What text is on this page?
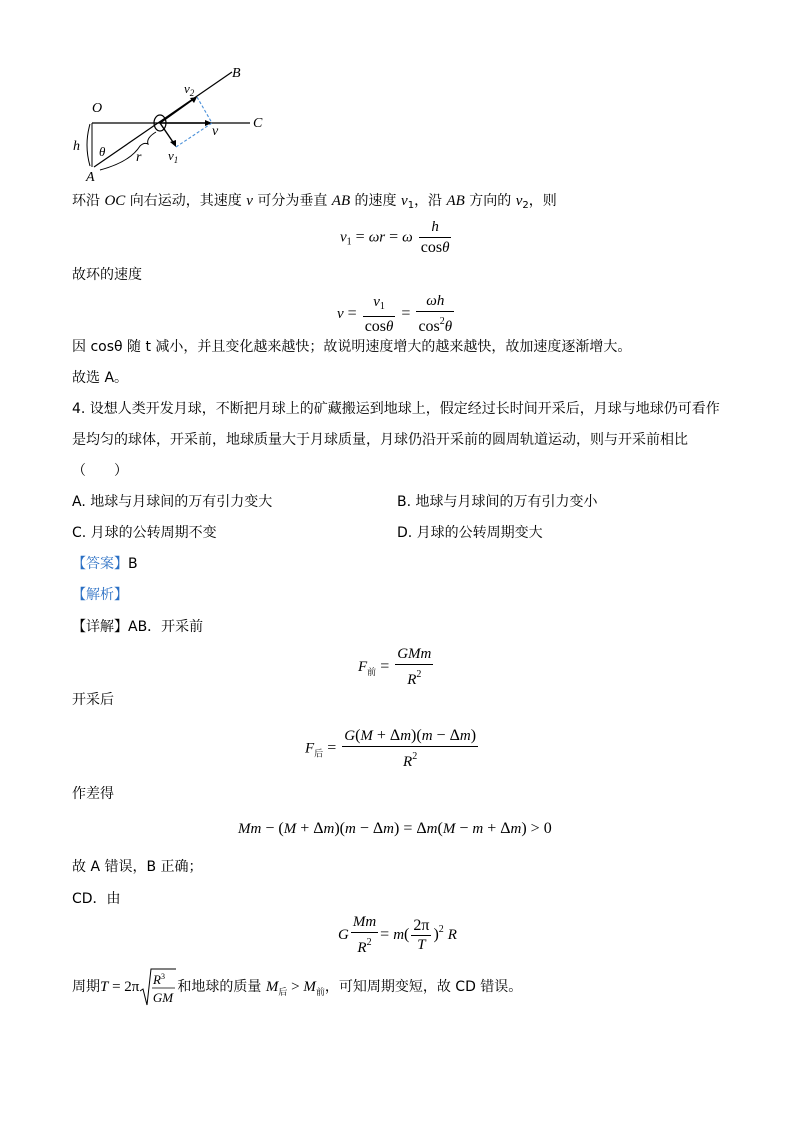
O
A
B
C
h θ r
v
$v_2$
$v_1$
环沿 OC 向右运动，其速度 v 可分为垂直 AB 的速度 $v_1$，沿 AB 方向的 $v_2$，则
$v_1 = \omega r = \omega \frac{h}{\cos\theta}$
故环的速度
$v = \frac{v_1}{\cos\theta} = \frac{\omega h}{\cos^2\theta}$
因 cosθ 随 t 减小，并且变化越来越快；故说明速度增大的越来越快，故加速度逐渐增大。
故选 A。
4. 设想人类开发月球，不断把月球上的矿藏搬运到地球上，假定经过长时间开采后，月球与地球仍可看作
是均匀的球体，开采前，地球质量大于月球质量，月球仍沿开采前的圆周轨道运动，则与开采前相比
（　　）
A. 地球与月球间的万有引力变大	B. 地球与月球间的万有引力变小
C. 月球的公转周期不变	D. 月球的公转周期变大
【答案】B
【解析】
【详解】AB．开采前
$F_前 = \frac{\text{GMm}}{R^2}$
开采后
$F_后 = \frac{G(M + \Delta m)(m - \Delta m)}{R^2}$
作差得
Mm − (M + Δm)(m − Δm) = Δm(M − m + Δm) > 0
故 A 错误，B 正确；
CD．由
G $\frac{Mm}{R^2} = m( \frac{2\pi}{T} )^2$ R
周期T = 2π $R^3$
GM
和地球的质量 $M_后 > M_前$，可知周期变短，故 CD 错误。
